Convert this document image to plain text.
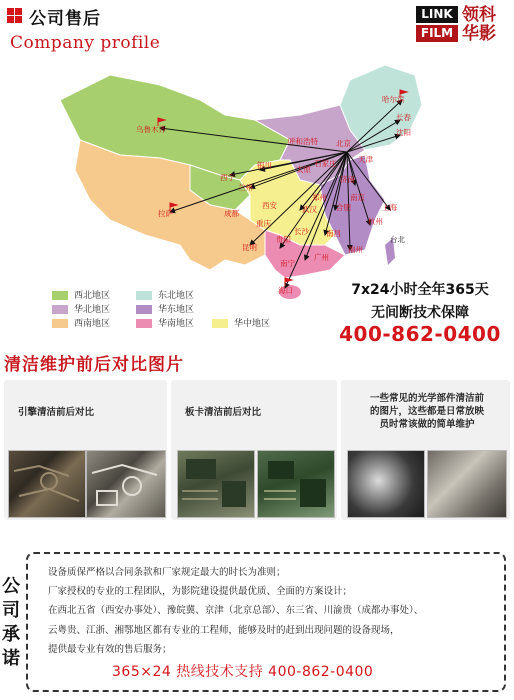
公司售后
Company profile
LINK
FILM
领科
华影
乌鲁木齐
哈尔滨
长春
沈阳
北京
天津
呼和浩特
石家庄
太原
银川
西宁
兰州
西安
济南
郑州	南京
上海
合肥
武汉
杭州
成都
重庆
长沙 南昌
福州
拉萨
昆明
贵阳
南宁
广州
台北
海口
西北地区	东北地区
华北地区	华东地区
西南地区	华南地区	华中地区
7x24小时全年365天
无间断技术保障
400-862-0400
清洁维护前后对比图片
引擎清洁前后对比	板卡清洁前后对比
一些常见的光学部件清洁前
的图片，这些都是日常放映
员时常该做的简单维护
公
司
承
诺
设备质保严格以合同条款和厂家规定最大的时长为准则；
厂家授权的专业的工程团队，为影院建设提供最优质、全面的方案设计；
在西北五省（西安办事处）、豫皖冀、京津（北京总部）、东三省、川渝贵（成都办事处）、
云粤贵、江浙、湘鄂地区都有专业的工程师，能够及时的赶到出现问题的设备现场，
提供最专业有效的售后服务；
365×24 热线技术支持 400-862-0400
